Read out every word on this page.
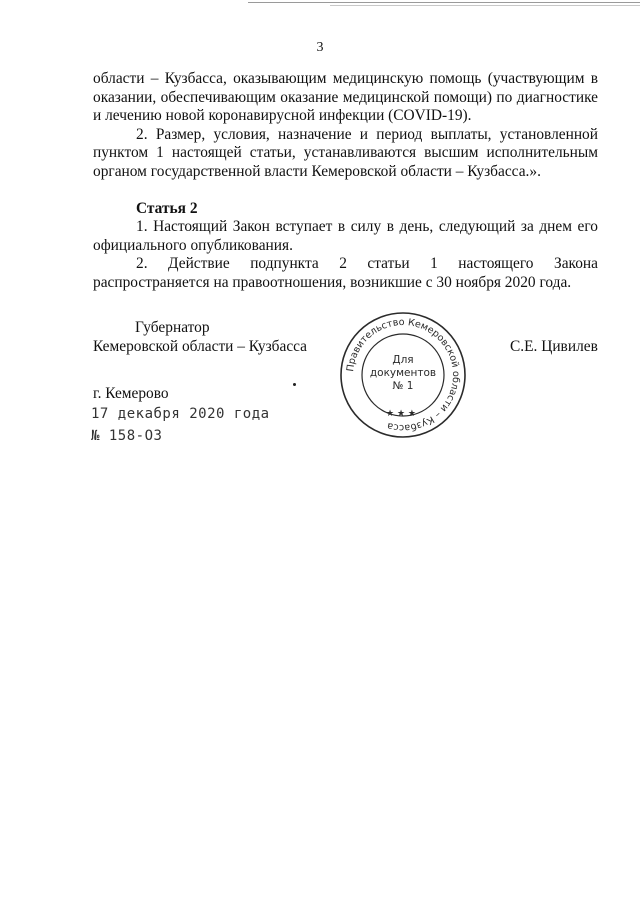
3

области – Кузбасса, оказывающим медицинскую помощь (участвующим в оказании, обеспечивающим оказание медицинской помощи) по диагностике и лечению новой коронавирусной инфекции (COVID-19).

2. Размер, условия, назначение и период выплаты, установленной пунктом 1 настоящей статьи, устанавливаются высшим исполнительным органом государственной власти Кемеровской области – Кузбасса.».

Статья 2

1. Настоящий Закон вступает в силу в день, следующий за днем его официального опубликования.

2. Действие подпункта 2 статьи 1 настоящего Закона распространяется на правоотношения, возникшие с 30 ноября 2020 года.

Губернатор
Кемеровской области – Кузбасса	С.Е. Цивилев
Правительство Кемеровской области – Кузбасса
Для
документов
№ 1
★ ★ ★
г. Кемерово
17 декабря 2020 года
№ 158-ОЗ
